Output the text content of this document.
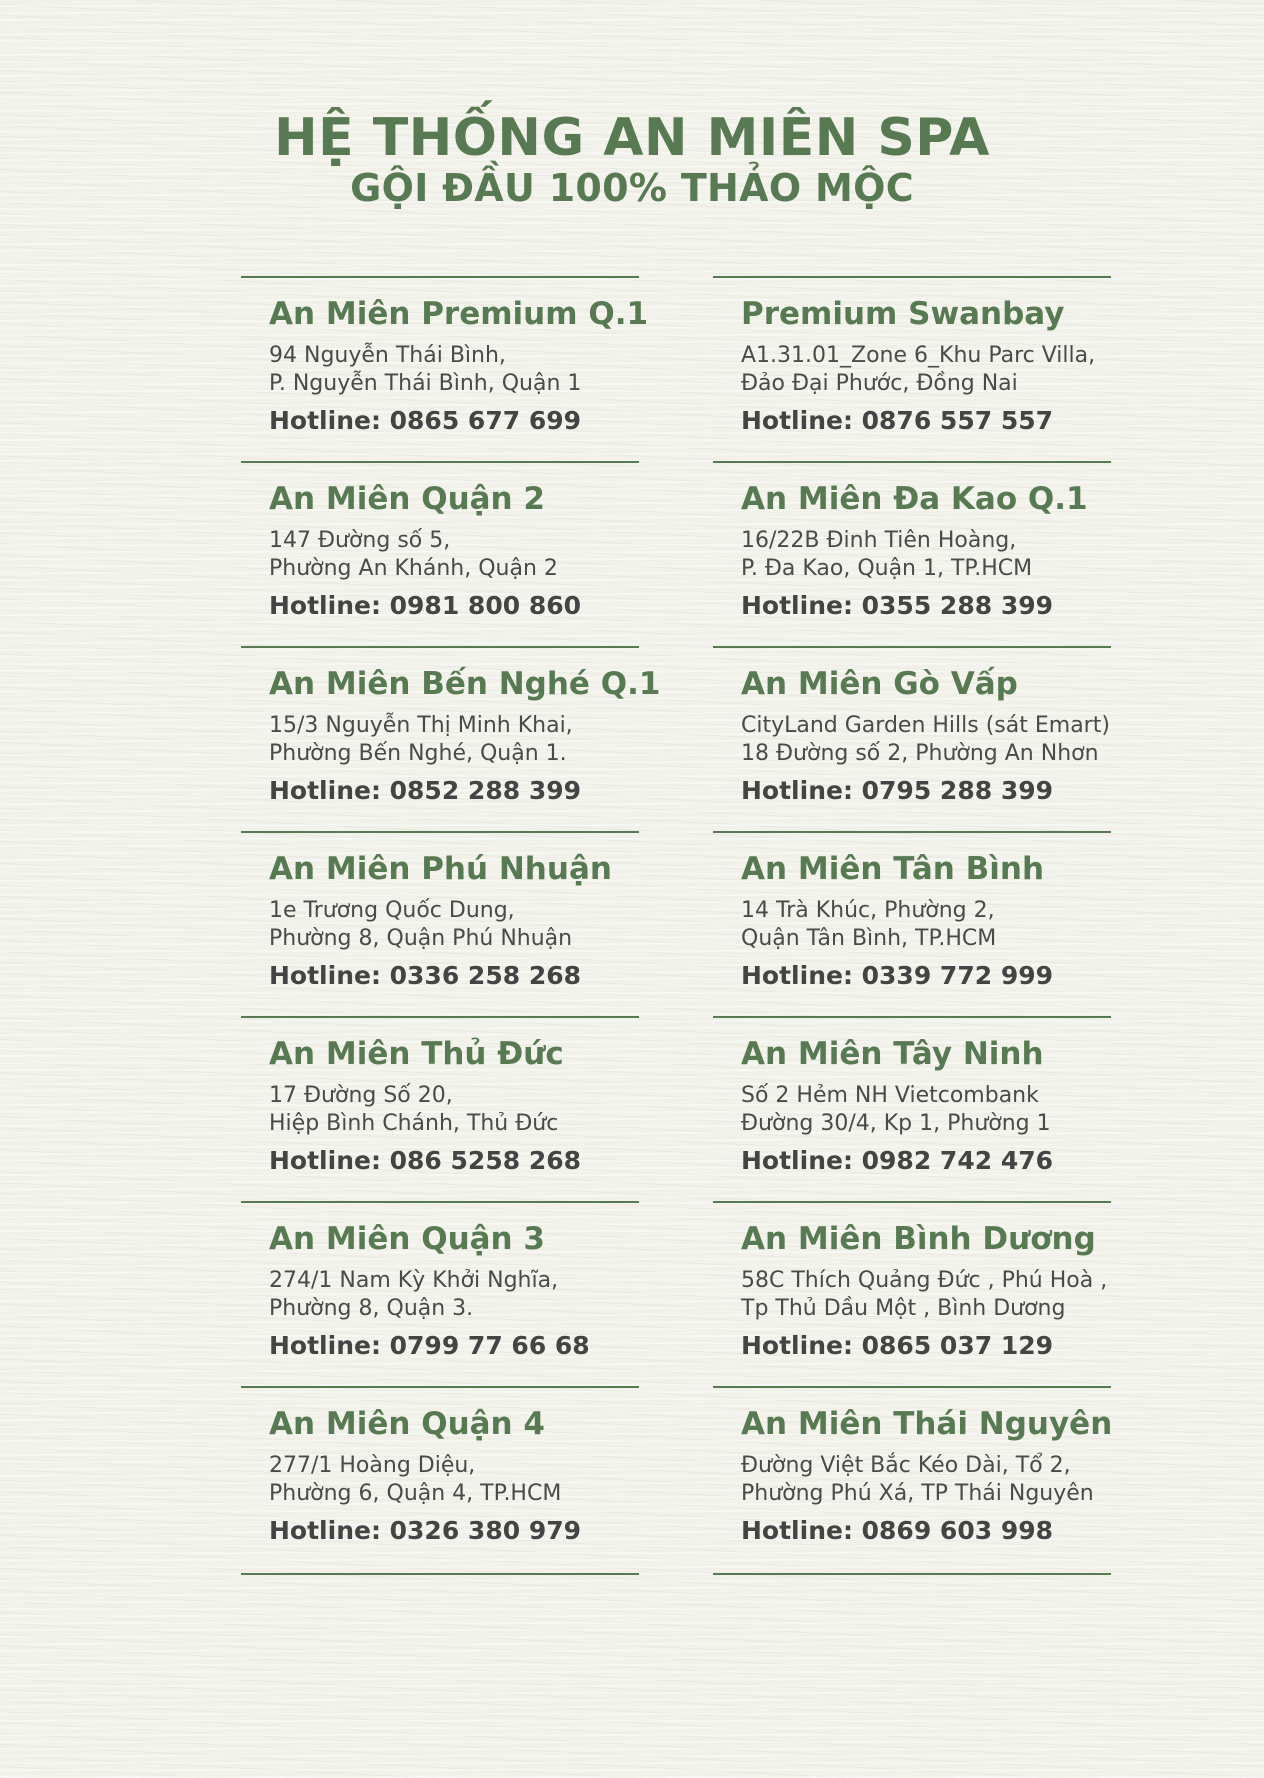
HỆ THỐNG AN MIÊN SPA
GỘI ĐẦU 100% THẢO MỘC
An Miên Premium Q.1
94 Nguyễn Thái Bình,
P. Nguyễn Thái Bình, Quận 1
Hotline: 0865 677 699
An Miên Quận 2
147 Đường số 5,
Phường An Khánh, Quận 2
Hotline: 0981 800 860
An Miên Bến Nghé Q.1
15/3 Nguyễn Thị Minh Khai,
Phường Bến Nghé, Quận 1.
Hotline: 0852 288 399
An Miên Phú Nhuận
1e Trương Quốc Dung,
Phường 8, Quận Phú Nhuận
Hotline: 0336 258 268
An Miên Thủ Đức
17 Đường Số 20,
Hiệp Bình Chánh, Thủ Đức
Hotline: 086 5258 268
An Miên Quận 3
274/1 Nam Kỳ Khởi Nghĩa,
Phường 8, Quận 3.
Hotline: 0799 77 66 68
An Miên Quận 4
277/1 Hoàng Diệu,
Phường 6, Quận 4, TP.HCM
Hotline: 0326 380 979
Premium Swanbay
A1.31.01_Zone 6_Khu Parc Villa,
Đảo Đại Phước, Đồng Nai
Hotline: 0876 557 557
An Miên Đa Kao Q.1
16/22B Đinh Tiên Hoàng,
P. Đa Kao, Quận 1, TP.HCM
Hotline: 0355 288 399
An Miên Gò Vấp
CityLand Garden Hills (sát Emart)
18 Đường số 2, Phường An Nhơn
Hotline: 0795 288 399
An Miên Tân Bình
14 Trà Khúc, Phường 2,
Quận Tân Bình, TP.HCM
Hotline: 0339 772 999
An Miên Tây Ninh
Số 2 Hẻm NH Vietcombank
Đường 30/4, Kp 1, Phường 1
Hotline: 0982 742 476
An Miên Bình Dương
58C Thích Quảng Đức , Phú Hoà ,
Tp Thủ Dầu Một , Bình Dương
Hotline: 0865 037 129
An Miên Thái Nguyên
Đường Việt Bắc Kéo Dài, Tổ 2,
Phường Phú Xá, TP Thái Nguyên
Hotline: 0869 603 998
